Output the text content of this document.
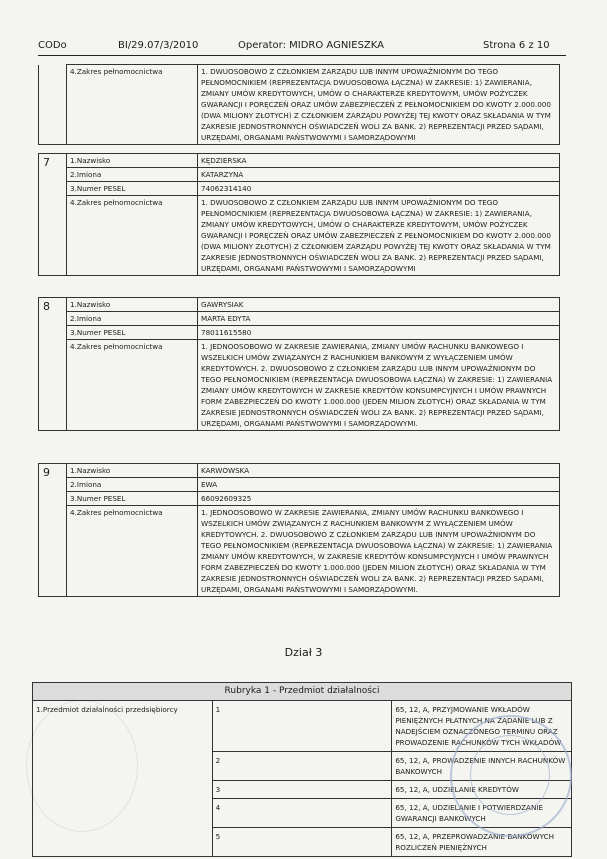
CODo	BI/29.07/3/2010	Operator: MIDRO AGNIESZKA	Strona 6 z 10
	4.Zakres pełnomocnictwa	1. DWUOSOBOWO Z CZŁONKIEM ZARZĄDU LUB INNYM UPOWAŻNIONYM DO TEGO PEŁNOMOCNIKIEM (REPREZENTACJA DWUOSOBOWA ŁĄCZNA) W ZAKRESIE: 1) ZAWIERANIA, ZMIANY UMÓW KREDYTOWYCH, UMÓW O CHARAKTERZE KREDYTOWYM, UMÓW POŻYCZEK GWARANCJI I PORĘCZEŃ ORAZ UMÓW ZABEZPIECZEŃ Z PEŁNOMOCNIKIEM DO KWOTY 2.000.000 (DWA MILIONY ZŁOTYCH) Z CZŁONKIEM ZARZĄDU POWYŻEJ TEJ KWOTY ORAZ SKŁADANIA W TYM ZAKRESIE JEDNOSTRONNYCH OŚWIADCZEŃ WOLI ZA BANK. 2) REPREZENTACJI PRZED SĄDAMI, URZĘDAMI, ORGANAMI PAŃSTWOWYMI I SAMORZĄDOWYMI
7	1.Nazwisko	KĘDZIERSKA
	2.Imiona	KATARZYNA
	3.Numer PESEL	74062314140
	4.Zakres pełnomocnictwa	1. DWUOSOBOWO Z CZŁONKIEM ZARZĄDU LUB INNYM UPOWAŻNIONYM DO TEGO PEŁNOMOCNIKIEM (REPREZENTACJA DWUOSOBOWA ŁĄCZNA) W ZAKRESIE: 1) ZAWIERANIA, ZMIANY UMÓW KREDYTOWYCH, UMÓW O CHARAKTERZE KREDYTOWYM, UMÓW POŻYCZEK GWARANCJI I PORĘCZEŃ ORAZ UMÓW ZABEZPIECZEŃ Z PEŁNOMOCNIKIEM DO KWOTY 2.000.000 (DWA MILIONY ZŁOTYCH) Z CZŁONKIEM ZARZĄDU POWYŻEJ TEJ KWOTY ORAZ SKŁADANIA W TYM ZAKRESIE JEDNOSTRONNYCH OŚWIADCZEŃ WOLI ZA BANK. 2) REPREZENTACJI PRZED SĄDAMI, URZĘDAMI, ORGANAMI PAŃSTWOWYMI I SAMORZĄDOWYMI
8	1.Nazwisko	GAWRYSIAK
	2.Imiona	MARTA EDYTA
	3.Numer PESEL	78011615580
	4.Zakres pełnomocnictwa	1. JEDNOOSOBOWO W ZAKRESIE ZAWIERANIA, ZMIANY UMÓW RACHUNKU BANKOWEGO I WSZELKICH UMÓW ZWIĄZANYCH Z RACHUNKIEM BANKOWYM Z WYŁĄCZENIEM UMÓW KREDYTOWYCH. 2. DWUOSOBOWO Z CZŁONKIEM ZARZĄDU LUB INNYM UPOWAŻNIONYM DO TEGO PEŁNOMOCNIKIEM (REPREZENTACJA DWUOSOBOWA ŁĄCZNA) W ZAKRESIE: 1) ZAWIERANIA ZMIANY UMÓW KREDYTOWYCH W ZAKRESIE KREDYTÓW KONSUMPCYJNYCH I UMÓW PRAWNYCH FORM ZABEZPIECZEŃ DO KWOTY 1.000.000 (JEDEN MILION ZŁOTYCH) ORAZ SKŁADANIA W TYM ZAKRESIE JEDNOSTRONNYCH OŚWIADCZEŃ WOLI ZA BANK. 2) REPREZENTACJI PRZED SĄDAMI, URZĘDAMI, ORGANAMI PAŃSTWOWYMI I SAMORZĄDOWYMI.
9	1.Nazwisko	KARWOWSKA
	2.Imiona	EWA
	3.Numer PESEL	66092609325
	4.Zakres pełnomocnictwa	1. JEDNOOSOBOWO W ZAKRESIE ZAWIERANIA, ZMIANY UMÓW RACHUNKU BANKOWEGO I WSZELKICH UMÓW ZWIĄZANYCH Z RACHUNKIEM BANKOWYM Z WYŁĄCZENIEM UMÓW KREDYTOWYCH. 2. DWUOSOBOWO Z CZŁONKIEM ZARZĄDU LUB INNYM UPOWAŻNIONYM DO TEGO PEŁNOMOCNIKIEM (REPREZENTACJA DWUOSOBOWA ŁĄCZNA) W ZAKRESIE: 1) ZAWIERANIA ZMIANY UMÓW KREDYTOWYCH, W ZAKRESIE KREDYTÓW KONSUMPCYJNYCH I UMÓW PRAWNYCH FORM ZABEZPIECZEŃ DO KWOTY 1.000.000 (JEDEN MILION ZŁOTYCH) ORAZ SKŁADANIA W TYM ZAKRESIE JEDNOSTRONNYCH OŚWIADCZEŃ WOLI ZA BANK. 2) REPREZENTACJI PRZED SĄDAMI, URZĘDAMI, ORGANAMI PAŃSTWOWYMI I SAMORZĄDOWYMI.
Dział 3
Rubryka 1 - Przedmiot działalności		
1.Przedmiot działalności przedsiębiorcy	1	65, 12, A, PRZYJMOWANIE WKŁADÓW PIENIĘŻNYCH PŁATNYCH NA ŻĄDANIE LUB Z NADEJŚCIEM OZNACZONEGO TERMINU ORAZ PROWADZENIE RACHUNKÓW TYCH WKŁADÓW
	2	65, 12, A, PROWADZENIE INNYCH RACHUNKÓW BANKOWYCH
	3	65, 12, A, UDZIELANIE KREDYTÓW
	4	65, 12, A, UDZIELANIE I POTWIERDZANIE GWARANCJI BANKOWYCH
	5	65, 12, A, PRZEPROWADZANIE BANKOWYCH ROZLICZEŃ PIENIĘŻNYCH
